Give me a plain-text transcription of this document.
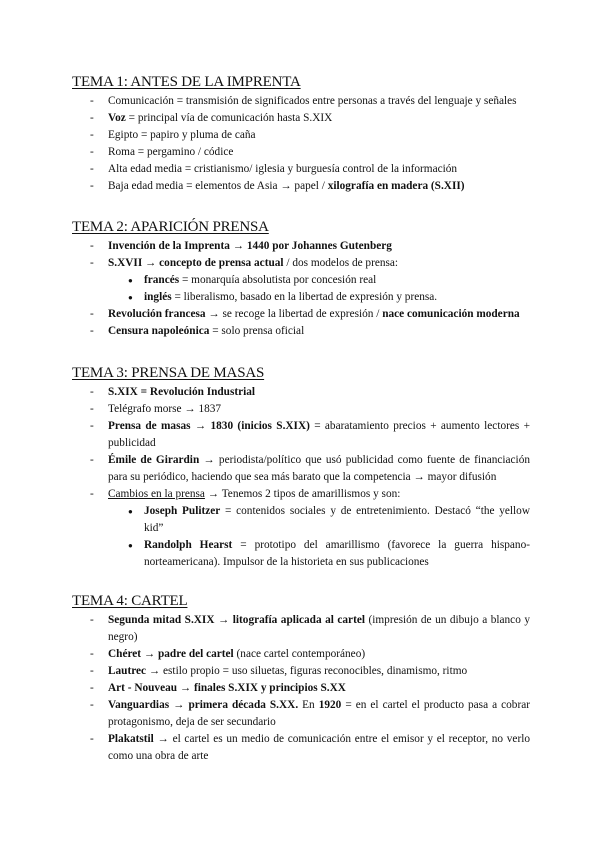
TEMA 1: ANTES DE LA IMPRENTA
- Comunicación = transmisión de significados entre personas a través del lenguaje y señales
- Voz = principal vía de comunicación hasta S.XIX
- Egipto = papiro y pluma de caña
- Roma = pergamino / códice
- Alta edad media = cristianismo/ iglesia y burguesía control de la información
- Baja edad media = elementos de Asia → papel / xilografía en madera (S.XII)
TEMA 2: APARICIÓN PRENSA
- Invención de la Imprenta → 1440 por Johannes Gutenberg
- S.XVII → concepto de prensa actual / dos modelos de prensa:
● francés = monarquía absolutista por concesión real
● inglés = liberalismo, basado en la libertad de expresión y prensa.
- Revolución francesa → se recoge la libertad de expresión / nace comunicación moderna
- Censura napoleónica = solo prensa oficial
TEMA 3: PRENSA DE MASAS
- S.XIX = Revolución Industrial
- Telégrafo morse → 1837
- Prensa de masas → 1830 (inicios S.XIX) = abaratamiento precios + aumento lectores + publicidad
- Émile de Girardin → periodista/político que usó publicidad como fuente de financiación para su periódico, haciendo que sea más barato que la competencia → mayor difusión
- Cambios en la prensa → Tenemos 2 tipos de amarillismos y son:
● Joseph Pulitzer = contenidos sociales y de entretenimiento. Destacó “the yellow kid”
● Randolph Hearst = prototipo del amarillismo (favorece la guerra hispano-norteamericana). Impulsor de la historieta en sus publicaciones
TEMA 4: CARTEL
- Segunda mitad S.XIX → litografía aplicada al cartel (impresión de un dibujo a blanco y negro)
- Chéret → padre del cartel (nace cartel contemporáneo)
- Lautrec → estilo propio = uso siluetas, figuras reconocibles, dinamismo, ritmo
- Art - Nouveau → finales S.XIX y principios S.XX
- Vanguardias → primera década S.XX. En 1920 = en el cartel el producto pasa a cobrar protagonismo, deja de ser secundario
- Plakatstil → el cartel es un medio de comunicación entre el emisor y el receptor, no verlo como una obra de arte
